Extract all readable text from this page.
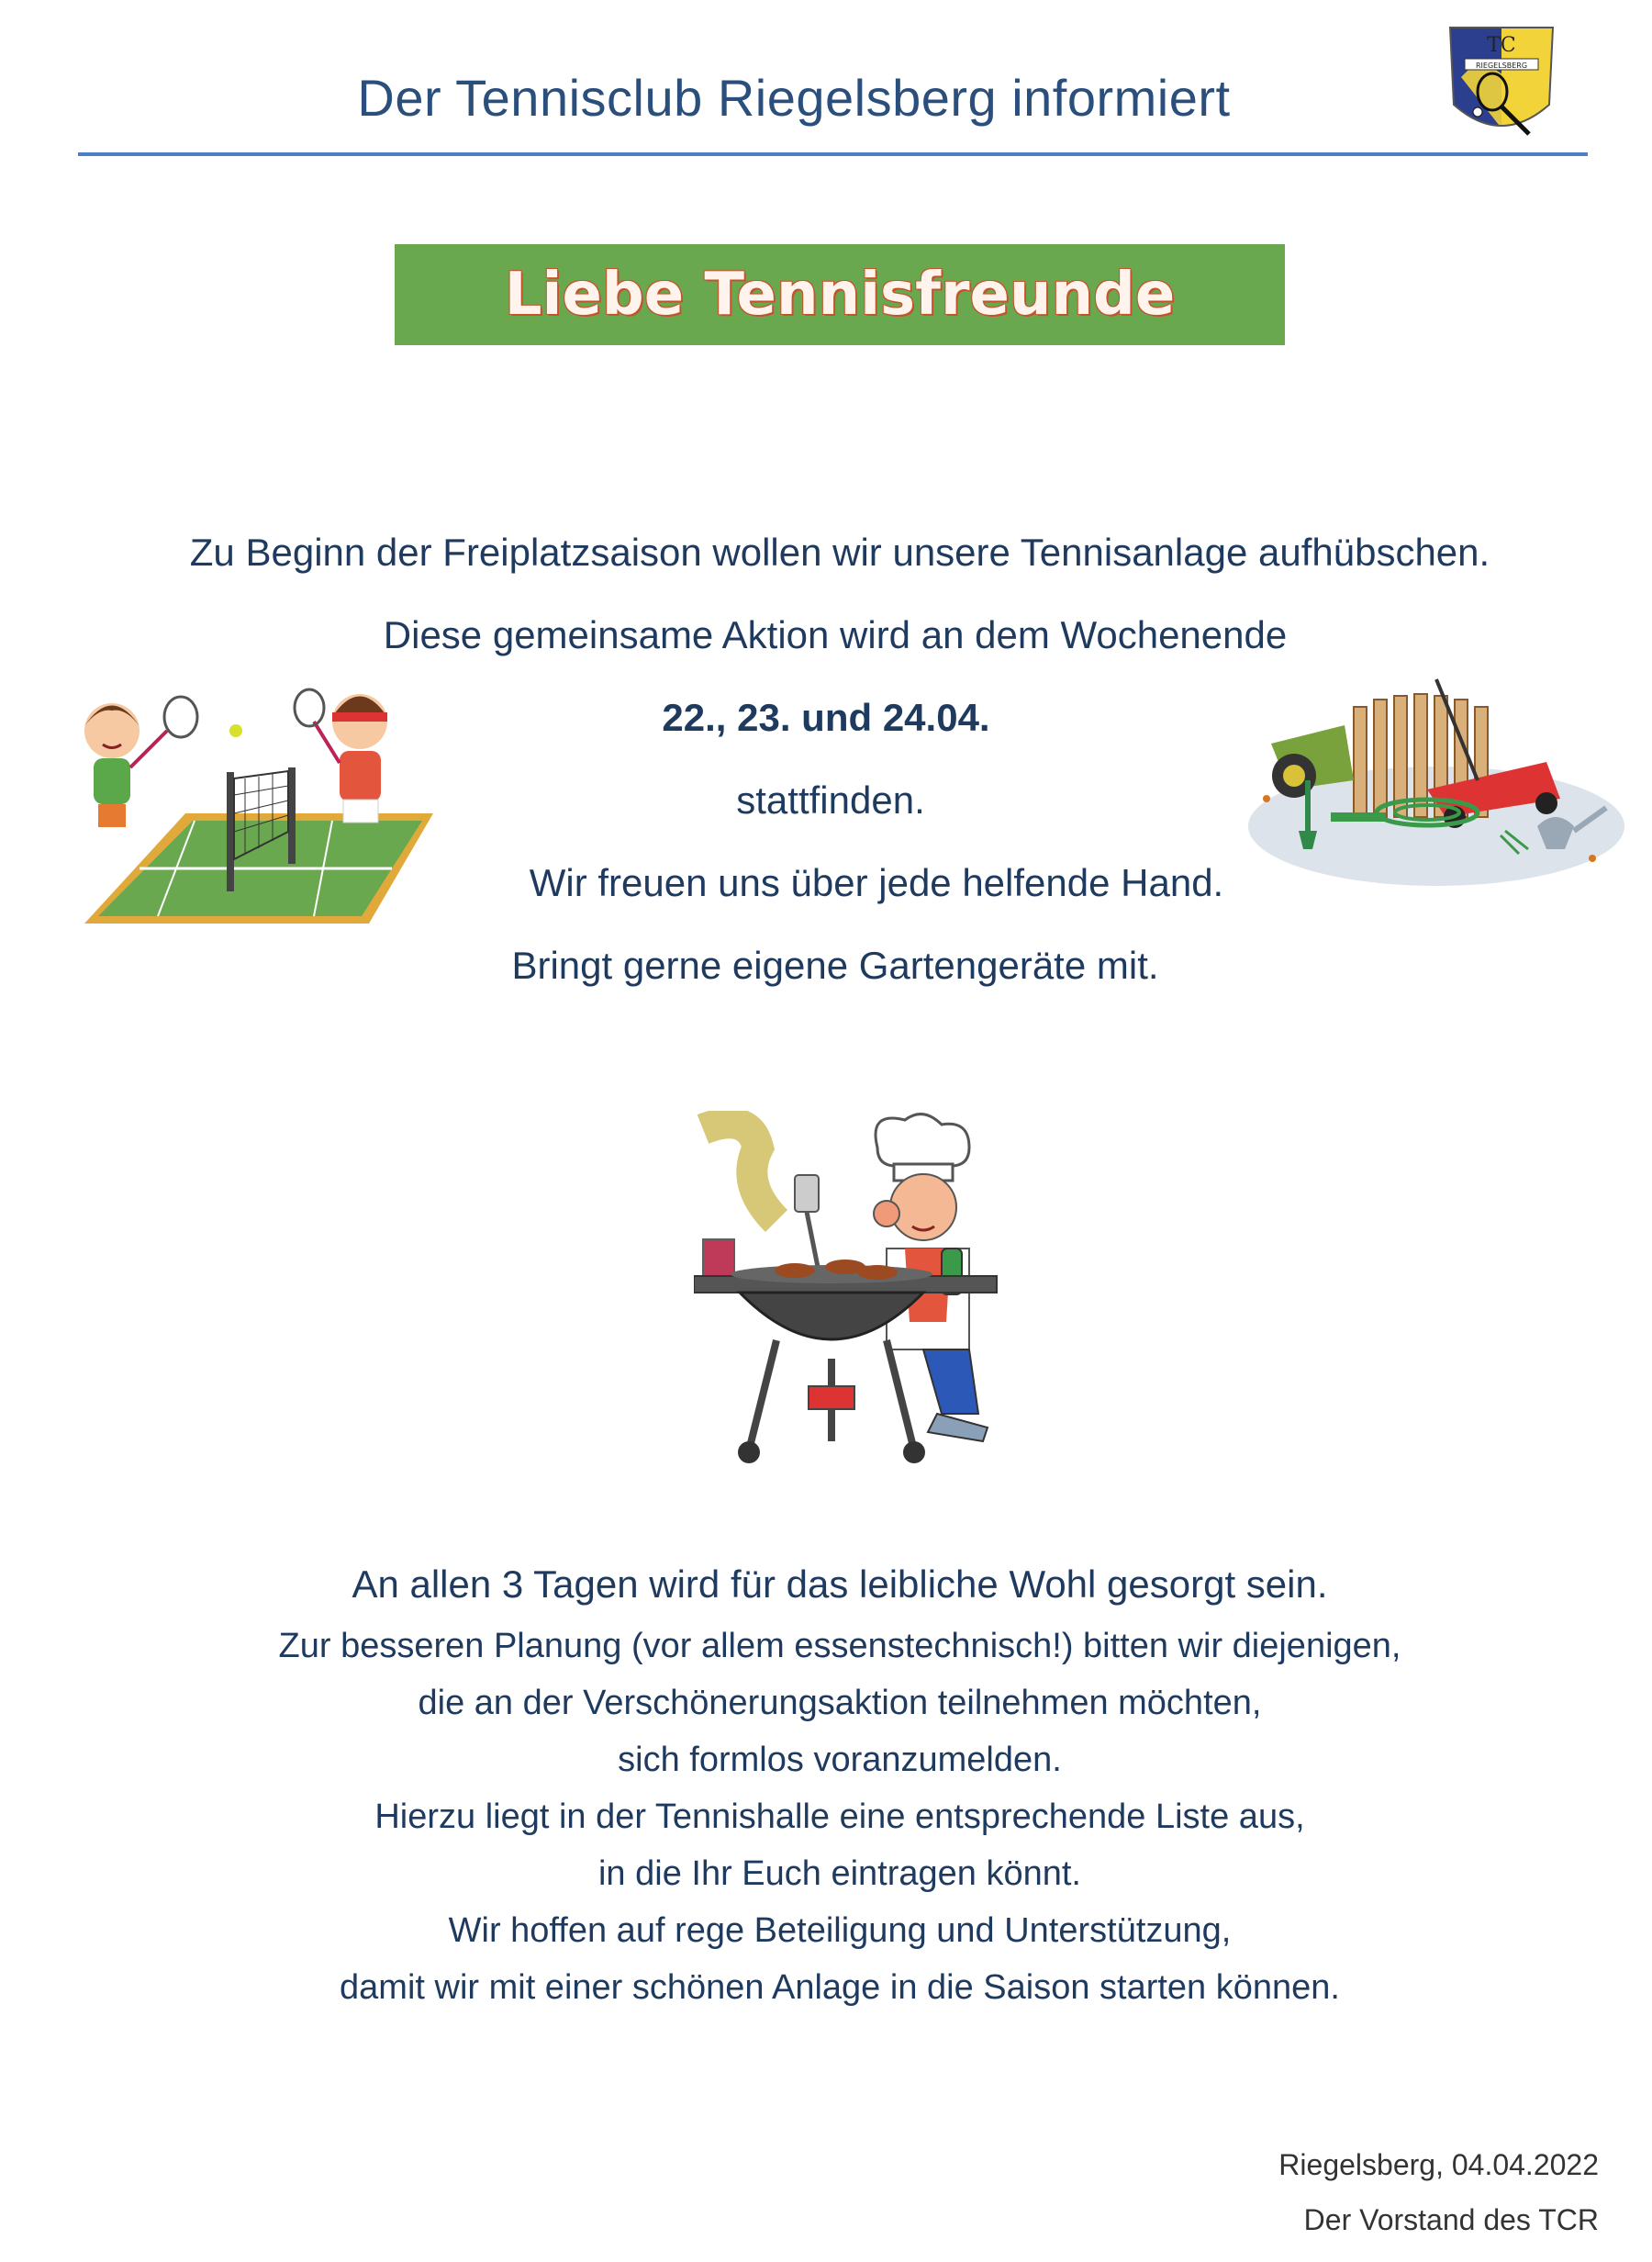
Der Tennisclub Riegelsberg informiert
TC
RIEGELSBERG
Liebe Tennisfreunde
Zu Beginn der Freiplatzsaison wollen wir unsere Tennisanlage aufhübschen.
Diese gemeinsame Aktion wird an dem Wochenende
22., 23. und 24.04.
stattfinden.
Wir freuen uns über jede helfende Hand.
Bringt gerne eigene Gartengeräte mit.
An allen 3 Tagen wird für das leibliche Wohl gesorgt sein.
Zur besseren Planung (vor allem essenstechnisch!) bitten wir diejenigen,
die an der Verschönerungsaktion teilnehmen möchten,
sich formlos voranzumelden.
Hierzu liegt in der Tennishalle eine entsprechende Liste aus,
in die Ihr Euch eintragen könnt.
Wir hoffen auf rege Beteiligung und Unterstützung,
damit wir mit einer schönen Anlage in die Saison starten können.
Riegelsberg, 04.04.2022
Der Vorstand des TCR
